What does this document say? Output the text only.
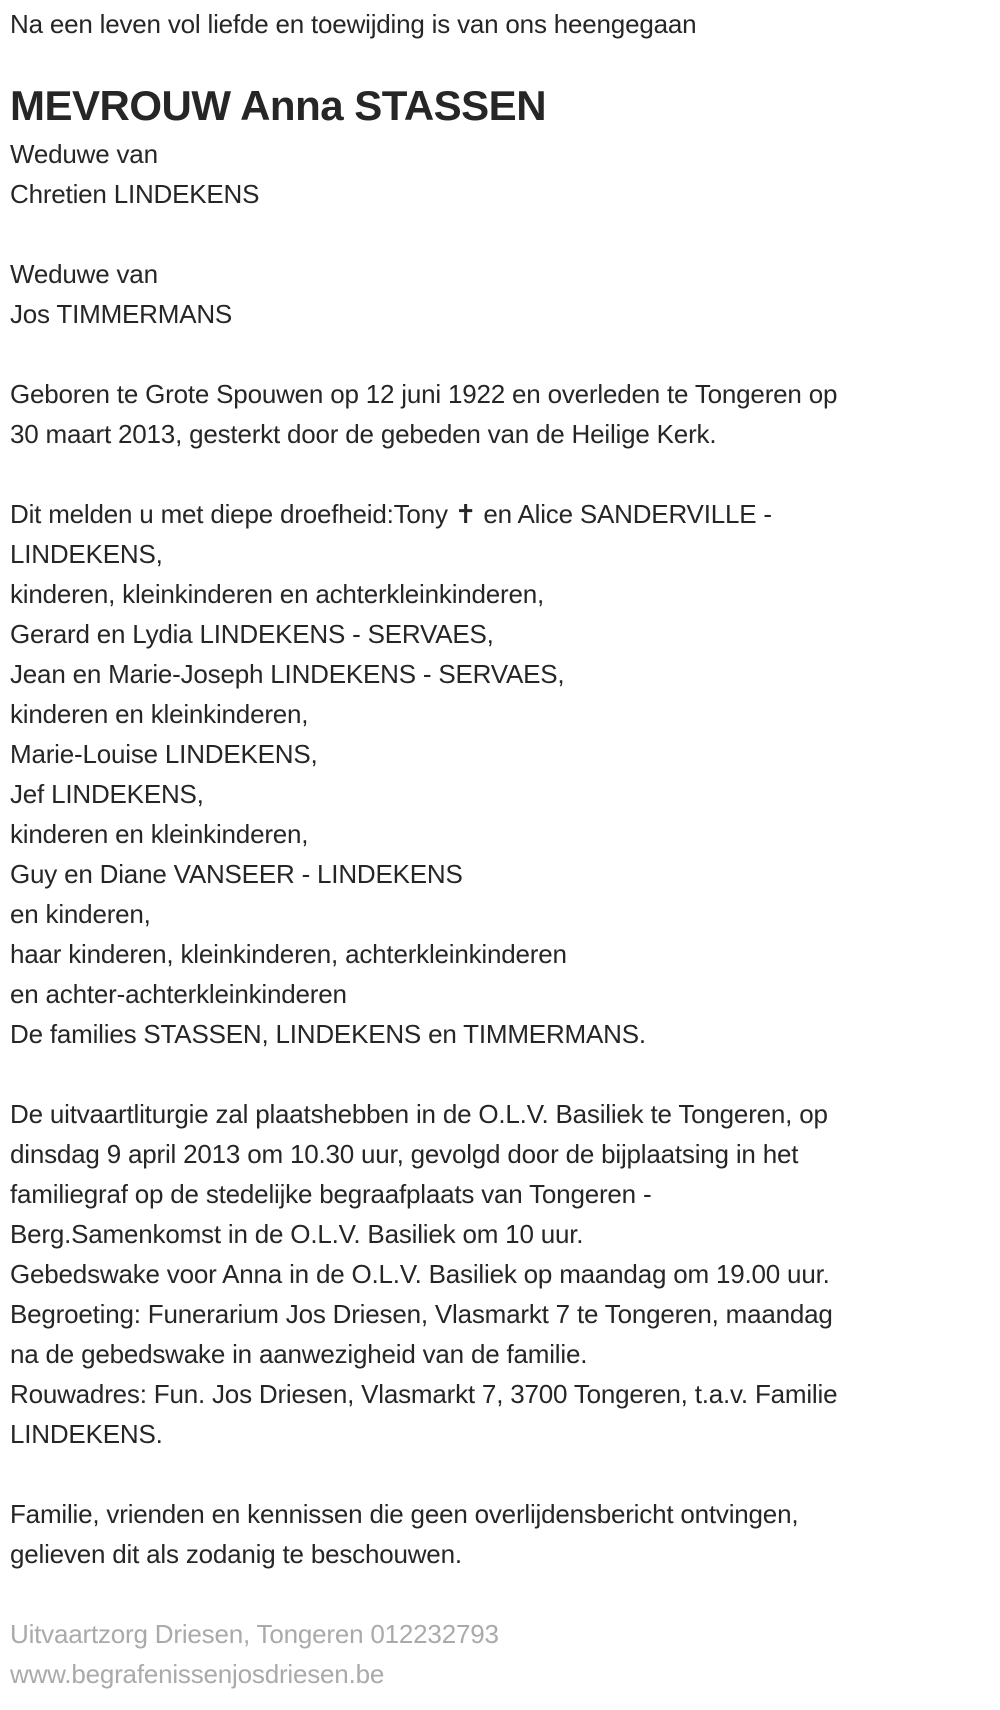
Na een leven vol liefde en toewijding is van ons heengegaan
MEVROUW Anna STASSEN
Weduwe van
Chretien LINDEKENS
Weduwe van
Jos TIMMERMANS
Geboren te Grote Spouwen op 12 juni 1922 en overleden te Tongeren op
30 maart 2013, gesterkt door de gebeden van de Heilige Kerk.
Dit melden u met diepe droefheid:Tony ✝ en Alice SANDERVILLE -
LINDEKENS,
kinderen, kleinkinderen en achterkleinkinderen,
Gerard en Lydia LINDEKENS - SERVAES,
Jean en Marie-Joseph LINDEKENS - SERVAES,
kinderen en kleinkinderen,
Marie-Louise LINDEKENS,
Jef LINDEKENS,
kinderen en kleinkinderen,
Guy en Diane VANSEER - LINDEKENS
en kinderen,
haar kinderen, kleinkinderen, achterkleinkinderen
en achter-achterkleinkinderen
De families STASSEN, LINDEKENS en TIMMERMANS.
De uitvaartliturgie zal plaatshebben in de O.L.V. Basiliek te Tongeren, op
dinsdag 9 april 2013 om 10.30 uur, gevolgd door de bijplaatsing in het
familiegraf op de stedelijke begraafplaats van Tongeren -
Berg.Samenkomst in de O.L.V. Basiliek om 10 uur.
Gebedswake voor Anna in de O.L.V. Basiliek op maandag om 19.00 uur.
Begroeting: Funerarium Jos Driesen, Vlasmarkt 7 te Tongeren, maandag
na de gebedswake in aanwezigheid van de familie.
Rouwadres: Fun. Jos Driesen, Vlasmarkt 7, 3700 Tongeren, t.a.v. Familie
LINDEKENS.
Familie, vrienden en kennissen die geen overlijdensbericht ontvingen,
gelieven dit als zodanig te beschouwen.
Uitvaartzorg Driesen, Tongeren 012232793
www.begrafenissenjosdriesen.be
